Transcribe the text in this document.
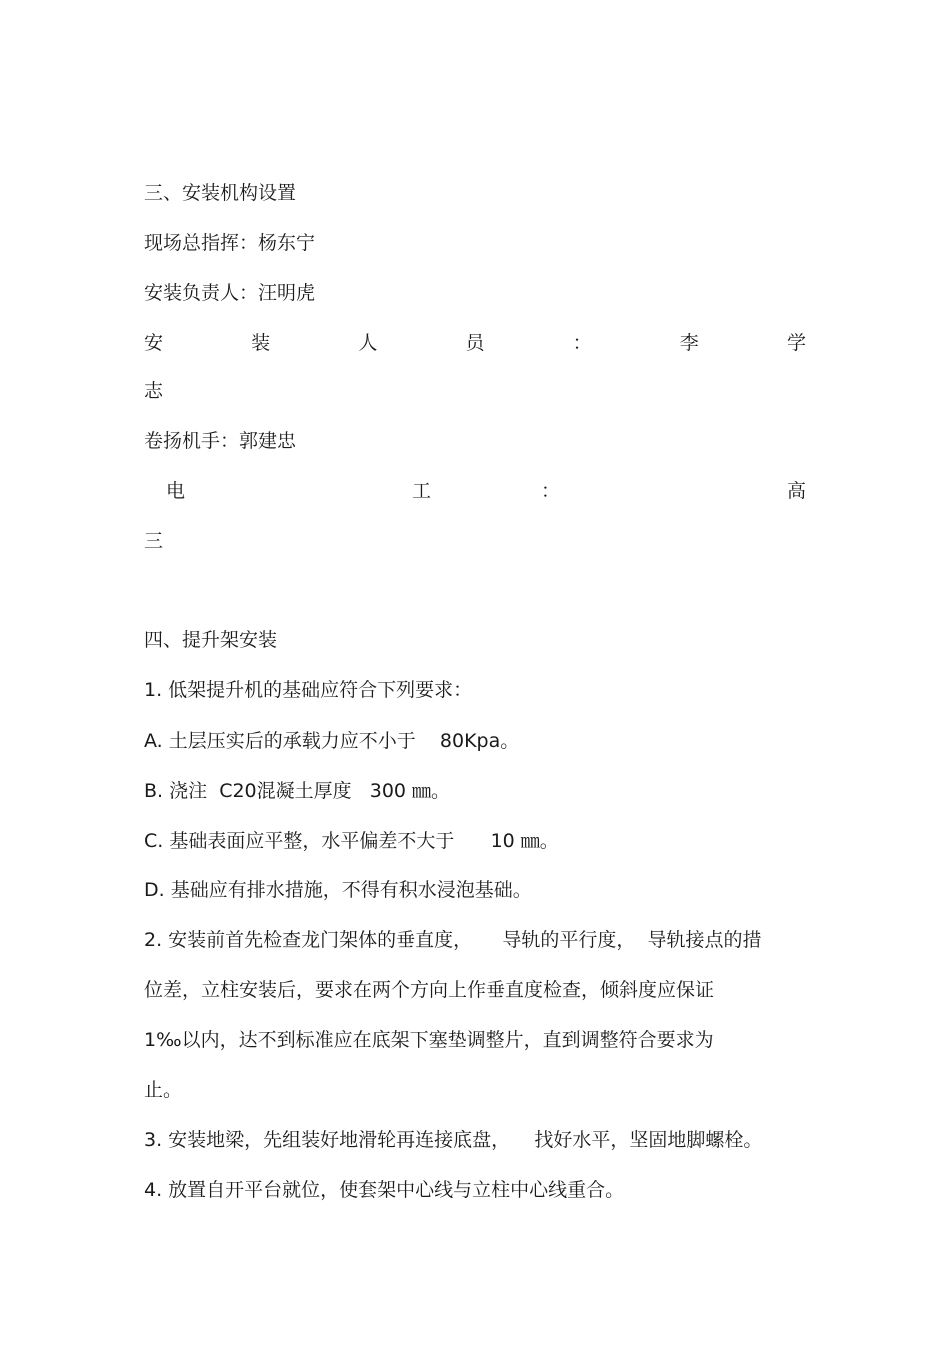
三、安装机构设置
现场总指挥：杨东宁
安装负责人：汪明虎
安	装	人	员	：	李	学
志
卷扬机手：郭建忠
电	工	：	高
三
四、提升架安装
1. 低架提升机的基础应符合下列要求：
A. 土层压实后的承载力应不小于    80Kpa。
B. 浇注  C20混凝土厚度   300 ㎜。
C. 基础表面应平整，水平偏差不大于      10 ㎜。
D. 基础应有排水措施，不得有积水浸泡基础。
2. 安装前首先检查龙门架体的垂直度，     导轨的平行度，  导轨接点的措
位差，立柱安装后，要求在两个方向上作垂直度检查，倾斜度应保证
1‰以内，达不到标准应在底架下塞垫调整片，直到调整符合要求为
止。
3. 安装地梁，先组装好地滑轮再连接底盘，    找好水平，坚固地脚螺栓。
4. 放置自开平台就位，使套架中心线与立柱中心线重合。
